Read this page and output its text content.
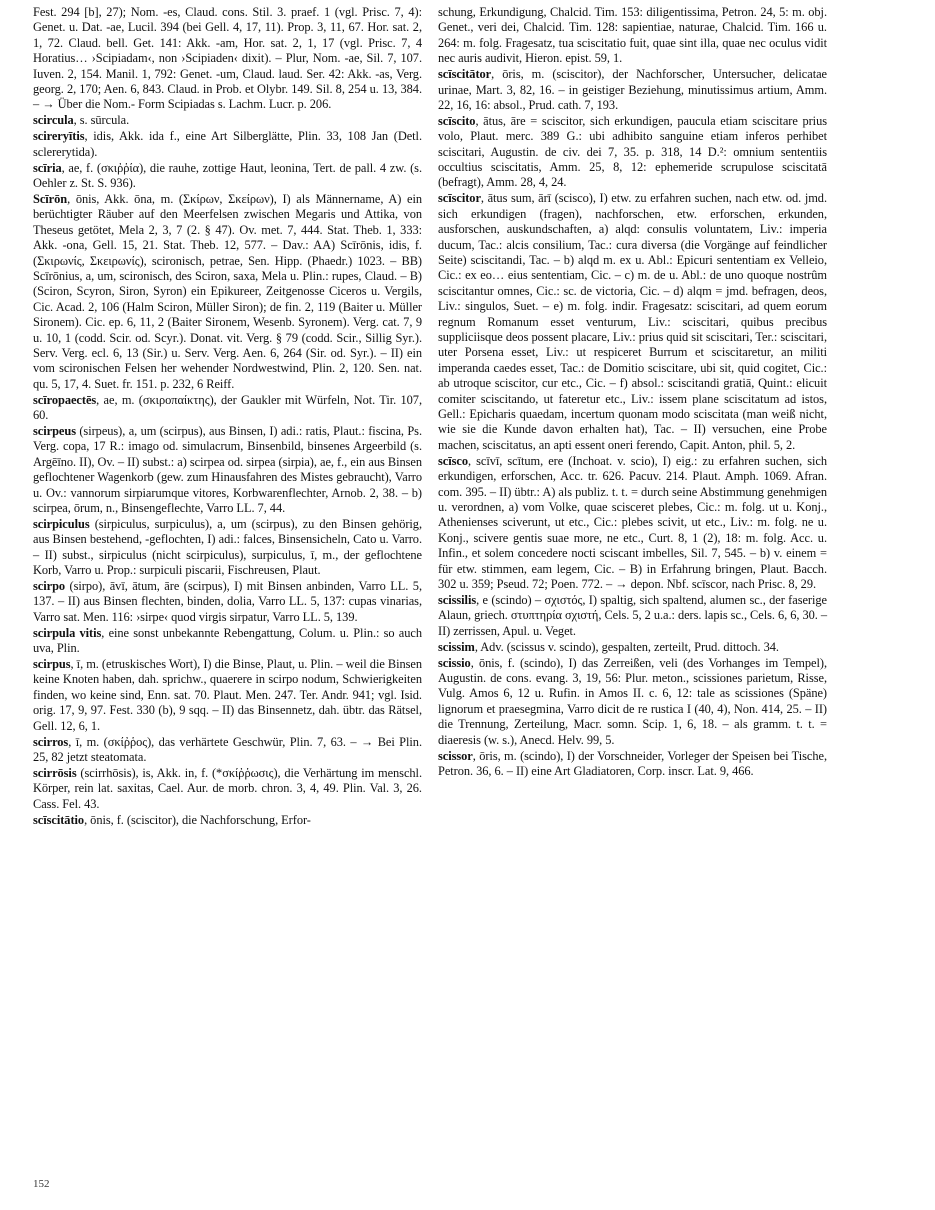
Fest. 294 [b], 27); Nom. -es, Claud. cons. Stil. 3. praef. 1 (vgl. Prisc. 7, 4): Genet. u. Dat. -ae, Lucil. 394 (bei Gell. 4, 17, 11). Prop. 3, 11, 67. Hor. sat. 2, 1, 72. Claud. bell. Get. 141: Akk. -am, Hor. sat. 2, 1, 17 (vgl. Prisc. 7, 4 Horatius… ›Scipiadam‹, non ›Scipiaden‹ dixit). – Plur, Nom. -ae, Sil. 7, 107. Iuven. 2, 154. Manil. 1, 792: Genet. -um, Claud. laud. Ser. 42: Akk. -as, Verg. georg. 2, 170; Aen. 6, 843. Claud. in Prob. et Olybr. 149. Sil. 8, 254 u. 13, 384. – → Über die Nom.- Form Scipiadas s. Lachm. Lucr. p. 206.

scircula, s. sūrcula.

scireryītis, idis, Akk. ida f., eine Art Silberglätte, Plin. 33, 108 Jan (Detl. sclererytida).

scīria, ae, f. (σκιῤῥία), die rauhe, zottige Haut, leonina, Tert. de pall. 4 zw. (s. Oehler z. St. S. 936).

Scīrōn, ōnis, Akk. ōna, m. (Σκίρων, Σκείρων), I) als Männername, A) ein berüchtigter Räuber auf den Meerfelsen zwischen Megaris und Attika, von Theseus getötet, Mela 2, 3, 7 (2. § 47). Ov. met. 7, 444. Stat. Theb. 1, 333: Akk. -ona, Gell. 15, 21. Stat. Theb. 12, 577. – Dav.: AA) Scīrōnis, idis, f. (Σκιρωνίς, Σκειρωνίς), scironisch, petrae, Sen. Hipp. (Phaedr.) 1023. – BB) Scīrōnius, a, um, scironisch, des Sciron, saxa, Mela u. Plin.: rupes, Claud. – B) (Sciron, Scyron, Siron, Syron) ein Epikureer, Zeitgenosse Ciceros u. Vergils, Cic. Acad. 2, 106 (Halm Sciron, Müller Siron); de fin. 2, 119 (Baiter u. Müller Sironem). Cic. ep. 6, 11, 2 (Baiter Sironem, Wesenb. Syronem). Verg. cat. 7, 9 u. 10, 1 (codd. Scir. od. Scyr.). Donat. vit. Verg. § 79 (codd. Scir., Sillig Syr.). Serv. Verg. ecl. 6, 13 (Sir.) u. Serv. Verg. Aen. 6, 264 (Sir. od. Syr.). – II) ein vom scironischen Felsen her wehender Nordwestwind, Plin. 2, 120. Sen. nat. qu. 5, 17, 4. Suet. fr. 151. p. 232, 6 Reiff.

scīropaectēs, ae, m. (σκιροπαίκτης), der Gaukler mit Würfeln, Not. Tir. 107, 60.

scirpeus (sirpeus), a, um (scirpus), aus Binsen, I) adi.: ratis, Plaut.: fiscina, Ps. Verg. copa, 17 R.: imago od. simulacrum, Binsenbild, binsenes Argeerbild (s. Argēīno. II), Ov. – II) subst.: a) scirpea od. sirpea (sirpia), ae, f., ein aus Binsen geflochtener Wagenkorb (gew. zum Hinausfahren des Mistes gebraucht), Varro u. Ov.: vannorum sirpiarumque vitores, Korbwarenflechter, Arnob. 2, 38. – b) scirpea, ōrum, n., Binsengeflechte, Varro LL. 7, 44.

scirpiculus (sirpiculus, surpiculus), a, um (scirpus), zu den Binsen gehörig, aus Binsen bestehend, -geflochten, I) adi.: falces, Binsensicheln, Cato u. Varro. – II) subst., sirpiculus (nicht scirpiculus), surpiculus, ī, m., der geflochtene Korb, Varro u. Prop.: surpiculi piscarii, Fischreusen, Plaut.

scirpo (sirpo), āvī, ātum, āre (scirpus), I) mit Binsen anbinden, Varro LL. 5, 137. – II) aus Binsen flechten, binden, dolia, Varro LL. 5, 137: cupas vinarias, Varro sat. Men. 116: ›sirpe‹ quod virgis sirpatur, Varro LL. 5, 139.

scirpula vitis, eine sonst unbekannte Rebengattung, Colum. u. Plin.: so auch uva, Plin.

scirpus, ī, m. (etruskisches Wort), I) die Binse, Plaut, u. Plin. – weil die Binsen keine Knoten haben, dah. sprichw., quaerere in scirpo nodum, Schwierigkeiten finden, wo keine sind, Enn. sat. 70. Plaut. Men. 247. Ter. Andr. 941; vgl. Isid. orig. 17, 9, 97. Fest. 330 (b), 9 sqq. – II) das Binsennetz, dah. übtr. das Rätsel, Gell. 12, 6, 1.

scirros, ī, m. (σκίῤῥος), das verhärtete Geschwür, Plin. 7, 63. – → Bei Plin. 25, 82 jetzt steatomata.

scirrōsis (scirrhōsis), is, Akk. in, f. (*σκίῤῥωσις), die Verhärtung im menschl. Körper, rein lat. saxitas, Cael. Aur. de morb. chron. 3, 4, 49. Plin. Val. 3, 26. Cass. Fel. 43.

scīscitātio, ōnis, f. (sciscitor), die Nachforschung, Erfor-

schung, Erkundigung, Chalcid. Tim. 153: diligentissima, Petron. 24, 5: m. obj. Genet., veri dei, Chalcid. Tim. 128: sapientiae, naturae, Chalcid. Tim. 166 u. 264: m. folg. Fragesatz, tua sciscitatio fuit, quae sint illa, quae nec oculus vidit nec auris audivit, Hieron. epist. 59, 1.

scīscitātor, ōris, m. (sciscitor), der Nachforscher, Untersucher, delicatae urinae, Mart. 3, 82, 16. – in geistiger Beziehung, minutissimus artium, Amm. 22, 16, 16: absol., Prud. cath. 7, 193.

scīscito, ātus, āre = sciscitor, sich erkundigen, paucula etiam sciscitare prius volo, Plaut. merc. 389 G.: ubi adhibito sanguine etiam inferos perhibet sciscitari, Augustin. de civ. dei 7, 35. p. 318, 14 D.²: omnium sententiis occultius sciscitatis, Amm. 25, 8, 12: ephemeride scrupulose sciscitatā (befragt), Amm. 28, 4, 24.

scīscitor, ātus sum, ārī (scisco), I) etw. zu erfahren suchen, nach etw. od. jmd. sich erkundigen (fragen), nachforschen, etw. erforschen, erkunden, ausforschen, auskundschaften, a) alqd: consulis voluntatem, Liv.: imperia ducum, Tac.: alcis consilium, Tac.: cura diversa (die Vorgänge auf feindlicher Seite) sciscitandi, Tac. – b) alqd m. ex u. Abl.: Epicuri sententiam ex Velleio, Cic.: ex eo… eius sententiam, Cic. – c) m. de u. Abl.: de uno quoque nostrûm sciscitantur omnes, Cic.: sc. de victoria, Cic. – d) alqm = jmd. befragen, deos, Liv.: singulos, Suet. – e) m. folg. indir. Fragesatz: sciscitari, ad quem eorum regnum Romanum esset venturum, Liv.: sciscitari, quibus precibus suppliciisque deos possent placare, Liv.: prius quid sit sciscitari, Ter.: sciscitari, uter Porsena esset, Liv.: ut respiceret Burrum et sciscitaretur, an militi imperanda caedes esset, Tac.: de Domitio sciscitare, ubi sit, quid cogitet, Cic.: ab utroque sciscitor, cur etc., Cic. – f) absol.: sciscitandi gratiā, Quint.: elicuit comiter sciscitando, ut fateretur etc., Liv.: issem plane sciscitatum ad istos, Gell.: Epicharis quaedam, incertum quonam modo sciscitata (man weiß nicht, wie sie die Kunde davon erhalten hat), Tac. – II) versuchen, eine Probe machen, sciscitatus, an apti essent oneri ferendo, Capit. Anton, phil. 5, 2.

scīsco, scīvī, scītum, ere (Inchoat. v. scio), I) eig.: zu erfahren suchen, sich erkundigen, erforschen, Acc. tr. 626. Pacuv. 214. Plaut. Amph. 1069. Afran. com. 395. – II) übtr.: A) als publiz. t. t. = durch seine Abstimmung genehmigen u. verordnen, a) vom Volke, quae scisceret plebes, Cic.: m. folg. ut u. Konj., Athenienses sciverunt, ut etc., Cic.: plebes scivit, ut etc., Liv.: m. folg. ne u. Konj., scivere gentis suae more, ne etc., Curt. 8, 1 (2), 18: m. folg. Acc. u. Infin., et solem concedere nocti sciscant imbelles, Sil. 7, 545. – b) v. einem = für etw. stimmen, eam legem, Cic. – B) in Erfahrung bringen, Plaut. Bacch. 302 u. 359; Pseud. 72; Poen. 772. – → depon. Nbf. scīscor, nach Prisc. 8, 29.

scissilis, e (scindo) – σχιστός, I) spaltig, sich spaltend, alumen sc., der faserige Alaun, griech. στυπτηρία σχιστή, Cels. 5, 2 u.a.: ders. lapis sc., Cels. 6, 6, 30. – II) zerrissen, Apul. u. Veget.

scissim, Adv. (scissus v. scindo), gespalten, zerteilt, Prud. dittoch. 34.

scissio, ōnis, f. (scindo), I) das Zerreißen, veli (des Vorhanges im Tempel), Augustin. de cons. evang. 3, 19, 56: Plur. meton., scissiones parietum, Risse, Vulg. Amos 6, 12 u. Rufin. in Amos II. c. 6, 12: tale as scissiones (Späne) lignorum et praesegmina, Varro dicit de re rustica I (40, 4), Non. 414, 25. – II) die Trennung, Zerteilung, Macr. somn. Scip. 1, 6, 18. – als gramm. t. t. = diaeresis (w. s.), Anecd. Helv. 99, 5.

scissor, ōris, m. (scindo), I) der Vorschneider, Vorleger der Speisen bei Tische, Petron. 36, 6. – II) eine Art Gladiatoren, Corp. inscr. Lat. 9, 466.

152
